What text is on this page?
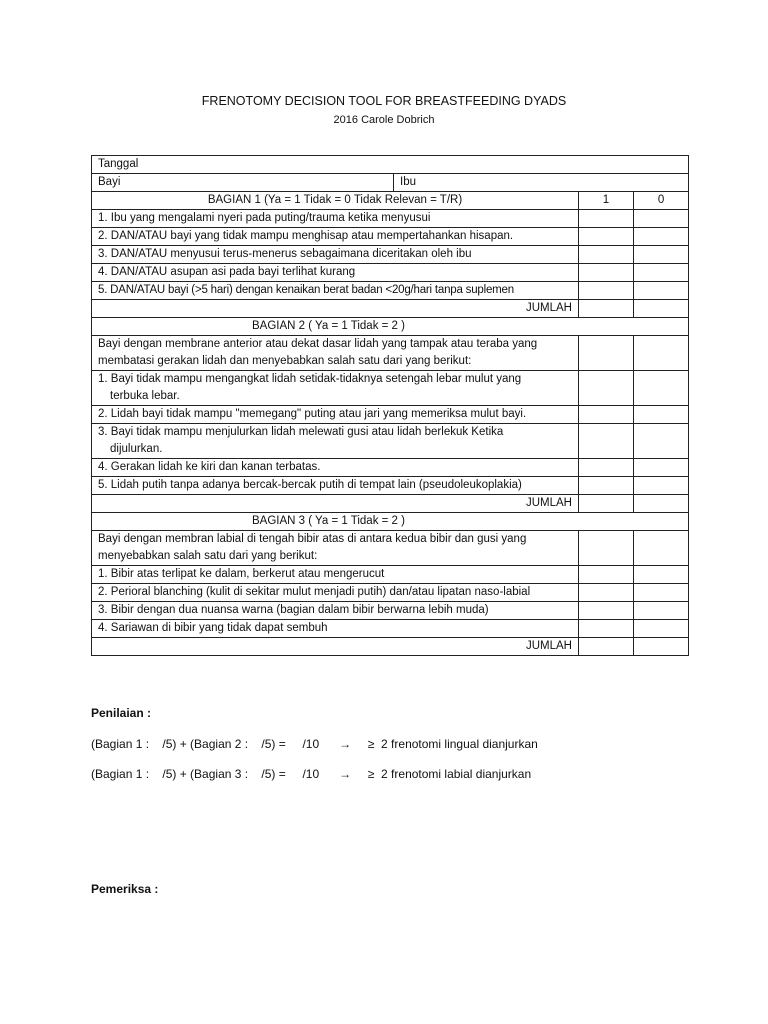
FRENOTOMY DECISION TOOL FOR BREASTFEEDING DYADS
2016 Carole Dobrich
Tanggal			
Bayi	Ibu		
BAGIAN 1 (Ya = 1 Tidak = 0 Tidak Relevan = T/R)		1	0
1. Ibu yang mengalami nyeri pada puting/trauma ketika menyusui			
2. DAN/ATAU bayi yang tidak mampu menghisap atau mempertahankan hisapan.			
3. DAN/ATAU menyusui terus-menerus sebagaimana diceritakan oleh ibu			
4. DAN/ATAU asupan asi pada bayi terlihat kurang			
5. DAN/ATAU bayi (>5 hari) dengan kenaikan berat badan <20g/hari tanpa suplemen			
JUMLAH			
BAGIAN 2 ( Ya = 1 Tidak = 2 )			
Bayi dengan membrane anterior atau dekat dasar lidah yang tampak atau teraba yang membatasi gerakan lidah dan menyebabkan salah satu dari yang berikut:			
1. Bayi tidak mampu mengangkat lidah setidak-tidaknya setengah lebar mulut yang
terbuka lebar.			

2. Lidah bayi tidak mampu "memegang" puting atau jari yang memeriksa mulut bayi.			
3. Bayi tidak mampu menjulurkan lidah melewati gusi atau lidah berlekuk Ketika
dijulurkan.			

4. Gerakan lidah ke kiri dan kanan terbatas.			
5. Lidah putih tanpa adanya bercak-bercak putih di tempat lain (pseudoleukoplakia)			
JUMLAH			
BAGIAN 3 ( Ya = 1 Tidak = 2 )			
Bayi dengan membran labial di tengah bibir atas di antara kedua bibir dan gusi yang menyebabkan salah satu dari yang berikut:			
1. Bibir atas terlipat ke dalam, berkerut atau mengerucut			
2. Perioral blanching (kulit di sekitar mulut menjadi putih) dan/atau lipatan naso-labial			
3. Bibir dengan dua nuansa warna (bagian dalam bibir berwarna lebih muda)			
4. Sariawan di bibir yang tidak dapat sembuh			
JUMLAH			
Penilaian :
(Bagian 1 :    /5) + (Bagian 2 :    /5) =     /10      →     ≥  2 frenotomi lingual dianjurkan
(Bagian 1 :    /5) + (Bagian 3 :    /5) =     /10      →     ≥  2 frenotomi labial dianjurkan
Pemeriksa :
